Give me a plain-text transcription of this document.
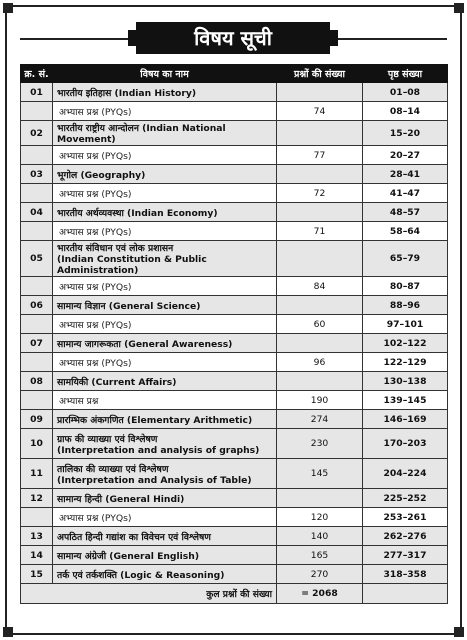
विषय सूची
क्र. सं.	विषय का नाम	प्रश्नों की संख्या	पृष्ठ संख्या
01	भारतीय इतिहास (Indian History)		01–08

	अभ्यास प्रश्न (PYQs)	74	08–14
02	भारतीय राष्ट्रीय आन्दोलन (Indian National Movement)		15–20

	अभ्यास प्रश्न (PYQs)	77	20–27
03	भूगोल (Geography)		28–41

	अभ्यास प्रश्न (PYQs)	72	41–47
04	भारतीय अर्थव्यवस्था (Indian Economy)		48–57

	अभ्यास प्रश्न (PYQs)	71	58–64
05	भारतीय संविधान एवं लोक प्रशासन
(Indian Constitution & Public Administration)		65–79

	अभ्यास प्रश्न (PYQs)	84	80–87
06	सामान्य विज्ञान (General Science)		88–96

	अभ्यास प्रश्न (PYQs)	60	97–101
07	सामान्य जागरूकता (General Awareness)		102–122

	अभ्यास प्रश्न (PYQs)	96	122–129
08	सामयिकी (Current Affairs)		130–138

	अभ्यास प्रश्न	190	139–145
09	प्रारम्भिक अंकगणित (Elementary Arithmetic)	274	146–169
10	ग्राफ की व्याख्या एवं विश्लेषण
(Interpretation and analysis of graphs)	230	170–203
11	तालिका की व्याख्या एवं विश्लेषण
(Interpretation and Analysis of Table)	145	204–224
12	सामान्य हिन्दी (General Hindi)		225–252

	अभ्यास प्रश्न (PYQs)	120	253–261
13	अपठित हिन्दी गद्यांश का विवेचन एवं विश्लेषण	140	262–276
14	सामान्य अंग्रेजी (General English)	165	277–317
15	तर्क एवं तर्कशक्ति (Logic & Reasoning)	270	318–358
	कुल प्रश्नों की संख्या	= 2068	
